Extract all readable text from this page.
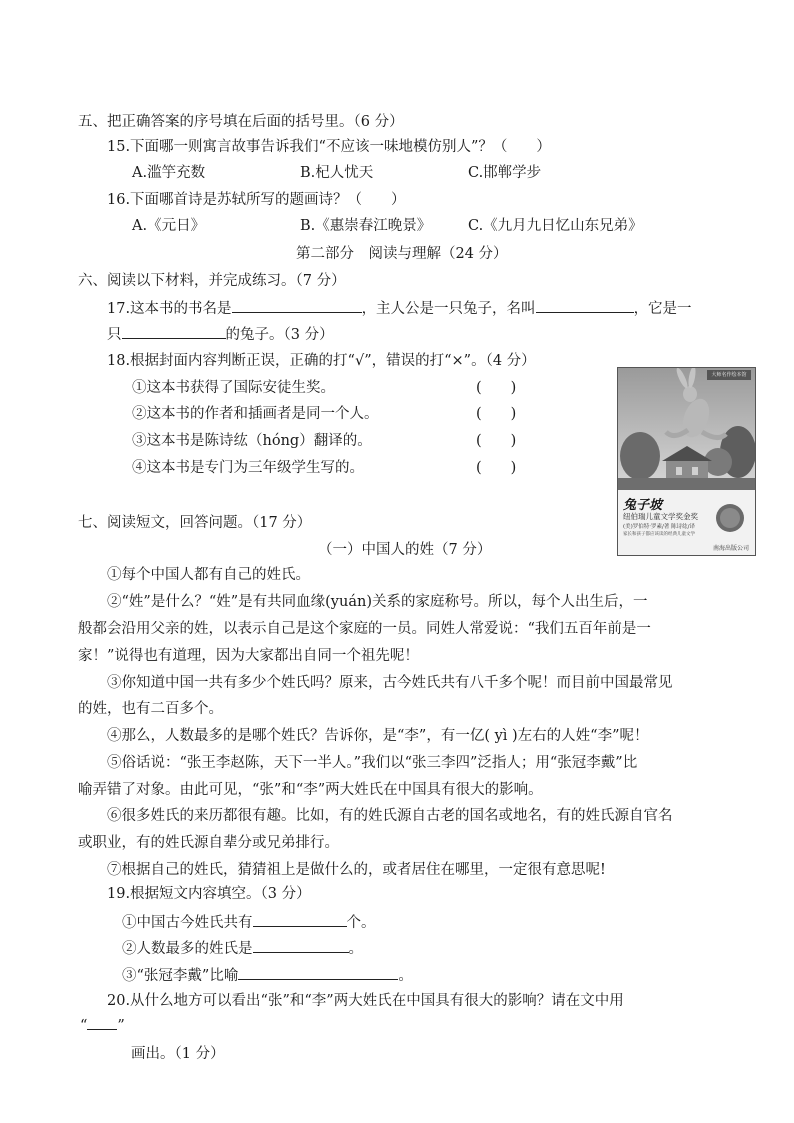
五、把正确答案的序号填在后面的括号里。（6 分）
15.下面哪一则寓言故事告诉我们“不应该一味地模仿别人”？（　　）
A.滥竽充数	B.杞人忧天	C.邯郸学步
16.下面哪首诗是苏轼所写的题画诗？（　　）
A.《元日》	B.《惠崇春江晚景》	C.《九月九日忆山东兄弟》
第二部分　阅读与理解（24 分）
六、阅读以下材料，并完成练习。（7 分）
17.这本书的书名是	，主人公是一只兔子，名叫	，它是一
只	的兔子。（3 分）
18.根据封面内容判断正误，正确的打“√”，错误的打“×”。（4 分）
①这本书获得了国际安徒生奖。	(　　)
②这本书的作者和插画者是同一个人。	(　　)
③这本书是陈诗纮（hóng）翻译的。	(　　)
④这本书是专门为三年级学生写的。	(　　)
大师名作绘本馆
兔子坡
纽伯瑞儿童文学奖金奖
(美)罗伯特·罗素/著 陈诗纮/译
家长和孩子都应该读的经典儿童文学
南海出版公司
七、阅读短文，回答问题。（17 分）
（一）中国人的姓（7 分）
①每个中国人都有自己的姓氏。
②“姓”是什么？“姓”是有共同血缘(yuán)关系的家庭称号。所以，每个人出生后，一
般都会沿用父亲的姓，以表示自己是这个家庭的一员。同姓人常爱说：“我们五百年前是一
家！”说得也有道理，因为大家都出自同一个祖先呢！
③你知道中国一共有多少个姓氏吗？原来，古今姓氏共有八千多个呢！而目前中国最常见
的姓，也有二百多个。
④那么，人数最多的是哪个姓氏？告诉你，是“李”，有一亿( yì )左右的人姓“李”呢！
⑤俗话说：“张王李赵陈，天下一半人。”我们以“张三李四”泛指人；用“张冠李戴”比
喻弄错了对象。由此可见，“张”和“李”两大姓氏在中国具有很大的影响。
⑥很多姓氏的来历都很有趣。比如，有的姓氏源自古老的国名或地名，有的姓氏源自官名
或职业，有的姓氏源自辈分或兄弟排行。
⑦根据自己的姓氏，猜猜祖上是做什么的，或者居住在哪里，一定很有意思呢!
19.根据短文内容填空。（3 分）
①中国古今姓氏共有	个。
②人数最多的姓氏是	。
③“张冠李戴”比喻	。
20.从什么地方可以看出“张”和“李”两大姓氏在中国具有很大的影响？请在文中用
“ ”
画出。（1 分）
